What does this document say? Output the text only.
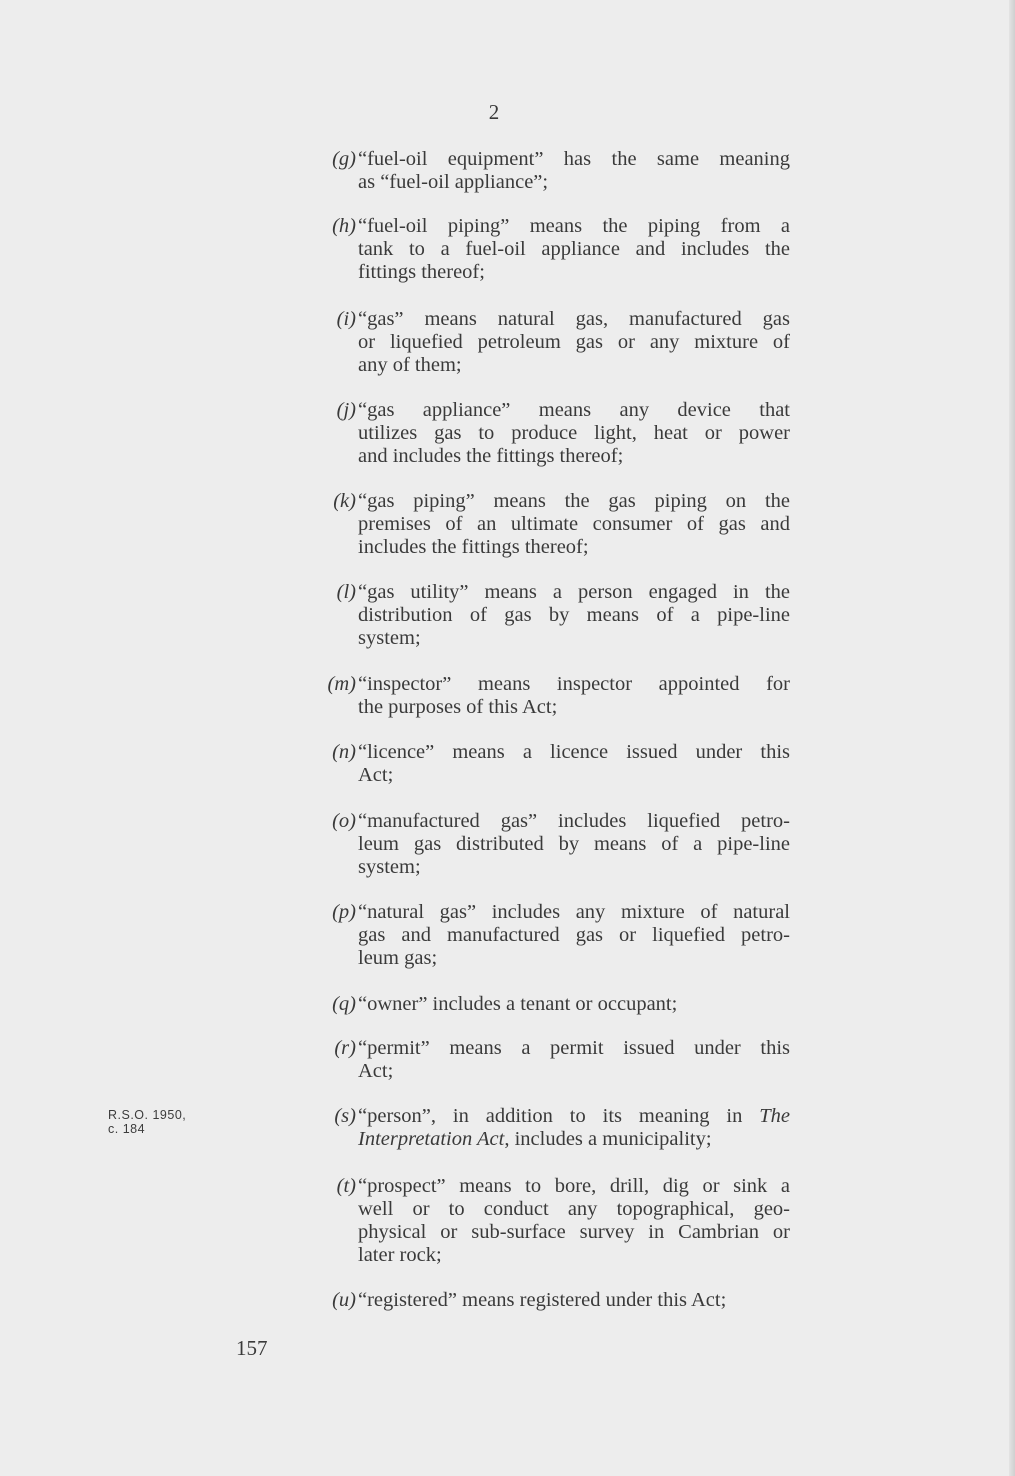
2
(g) “fuel-oil equipment” has the same meaning
as “fuel-oil appliance”;
(h) “fuel-oil piping” means the piping from a
tank to a fuel-oil appliance and includes the
fittings thereof;
(i) “gas” means natural gas, manufactured gas
or liquefied petroleum gas or any mixture of
any of them;
(j) “gas appliance” means any device that
utilizes gas to produce light, heat or power
and includes the fittings thereof;
(k) “gas piping” means the gas piping on the
premises of an ultimate consumer of gas and
includes the fittings thereof;
(l) “gas utility” means a person engaged in the
distribution of gas by means of a pipe-line
system;
(m) “inspector” means inspector appointed for
the purposes of this Act;
(n) “licence” means a licence issued under this
Act;
(o) “manufactured gas” includes liquefied petro-
leum gas distributed by means of a pipe-line
system;
(p) “natural gas” includes any mixture of natural
gas and manufactured gas or liquefied petro-
leum gas;
(q) “owner” includes a tenant or occupant;
(r) “permit” means a permit issued under this
Act;
(s) “person”, in addition to its meaning in The
Interpretation Act, includes a municipality;
(t) “prospect” means to bore, drill, dig or sink a
well or to conduct any topographical, geo-
physical or sub-surface survey in Cambrian or
later rock;
(u) “registered” means registered under this Act;
R.S.O. 1950,
c. 184
157
